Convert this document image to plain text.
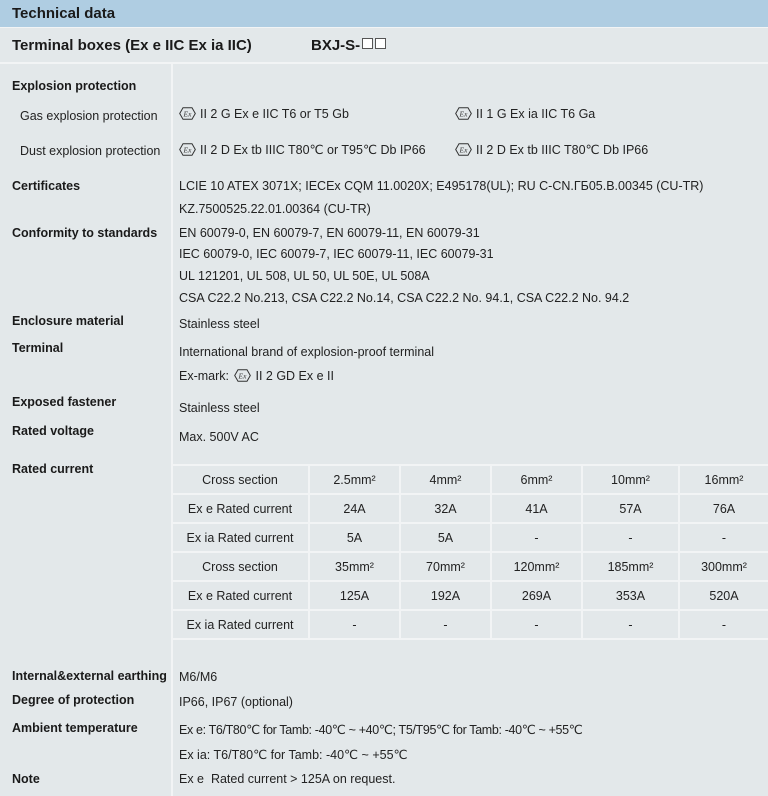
Technical data
Terminal boxes (Ex e IIC Ex ia IIC)	BXJ-S-
Explosion protection
Gas explosion protection	Ex II 2 G Ex e IIC T6 or T5 Gb	Ex II 1 G Ex ia IIC T6 Ga
Dust explosion protection	Ex II 2 D Ex tb IIIC T80℃ or T95℃ Db IP66	Ex II 2 D Ex tb IIIC T80℃ Db IP66
Certificates	LCIE 10 ATEX 3071X; IECEx CQM 11.0020X; E495178(UL); RU C-CN.ГБ05.В.00345 (CU-TR)
KZ.7500525.22.01.00364 (CU-TR)
Conformity to standards EN 60079-0, EN 60079-7, EN 60079-11, EN 60079-31
IEC 60079-0, IEC 60079-7, IEC 60079-11, IEC 60079-31
UL 121201, UL 508, UL 50, UL 50E, UL 508A
CSA C22.2 No.213, CSA C22.2 No.14, CSA C22.2 No. 94.1, CSA C22.2 No. 94.2
Enclosure material	Stainless steel
Terminal	International brand of explosion-proof terminal
Ex-mark: Ex II 2 GD Ex e II
Exposed fastener	Stainless steel
Rated voltage	Max. 500V AC
Rated current
Cross section	2.5mm²	4mm²	6mm²	10mm²	16mm²
Ex e Rated current	24A	32A	41A	57A	76A
Ex ia Rated current	5A	5A	-	-	-
Cross section	35mm²	70mm²	120mm²	185mm²	300mm²
Ex e Rated current	125A	192A	269A	353A	520A
Ex ia Rated current	-	-	-	-	-
Internal&external earthing M6/M6
Degree of protection	IP66, IP67 (optional)
Ambient temperature	Ex e: T6/T80℃ for Tamb: -40℃ ~ +40℃; T5/T95℃ for Tamb: -40℃ ~ +55℃
Ex ia: T6/T80℃ for Tamb: -40℃ ~ +55℃
Note	Ex e  Rated current > 125A on request.
